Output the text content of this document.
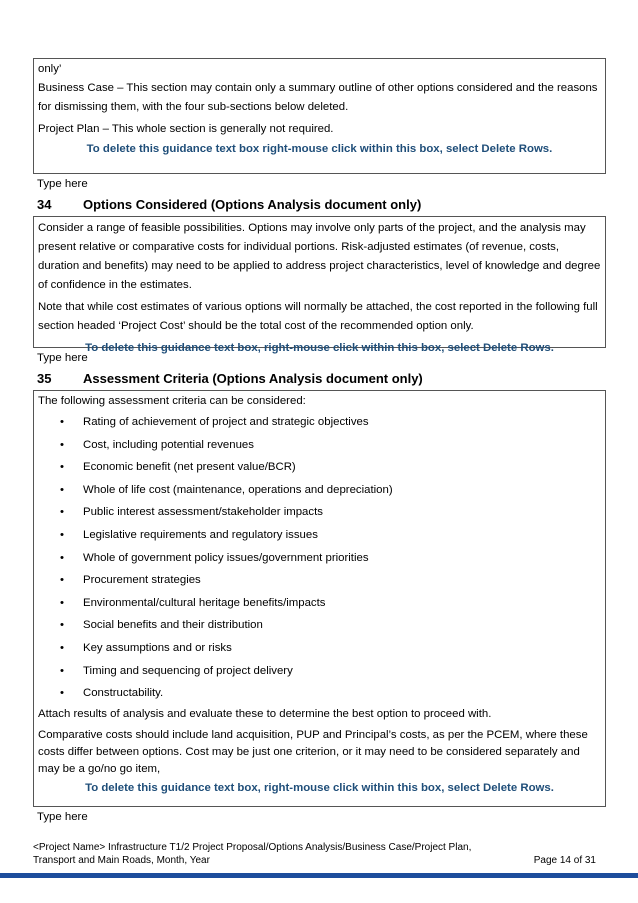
only’

Business Case – This section may contain only a summary outline of other options considered and the reasons for dismissing them, with the four sub-sections below deleted.

Project Plan – This whole section is generally not required.

To delete this guidance text box right-mouse click within this box, select Delete Rows.

Type here
34 Options Considered (Options Analysis document only)

Consider a range of feasible possibilities. Options may involve only parts of the project, and the analysis may present relative or comparative costs for individual portions. Risk-adjusted estimates (of revenue, costs, duration and benefits) may need to be applied to address project characteristics, level of knowledge and degree of confidence in the estimates.

Note that while cost estimates of various options will normally be attached, the cost reported in the following full section headed ‘Project Cost’ should be the total cost of the recommended option only.

To delete this guidance text box, right-mouse click within this box, select Delete Rows.

Type here
35 Assessment Criteria (Options Analysis document only)

The following assessment criteria can be considered:

• Rating of achievement of project and strategic objectives
• Cost, including potential revenues
• Economic benefit (net present value/BCR)
• Whole of life cost (maintenance, operations and depreciation)
• Public interest assessment/stakeholder impacts
• Legislative requirements and regulatory issues
• Whole of government policy issues/government priorities
• Procurement strategies
• Environmental/cultural heritage benefits/impacts
• Social benefits and their distribution
• Key assumptions and or risks
• Timing and sequencing of project delivery
• Constructability.

Attach results of analysis and evaluate these to determine the best option to proceed with.

Comparative costs should include land acquisition, PUP and Principal’s costs, as per the PCEM, where these costs differ between options. Cost may be just one criterion, or it may need to be considered separately and may be a go/no go item,

To delete this guidance text box, right-mouse click within this box, select Delete Rows.

Type here
<Project Name> Infrastructure T1/2 Project Proposal/Options Analysis/Business Case/Project Plan,
Transport and Main Roads, Month, Year	Page 14 of 31
